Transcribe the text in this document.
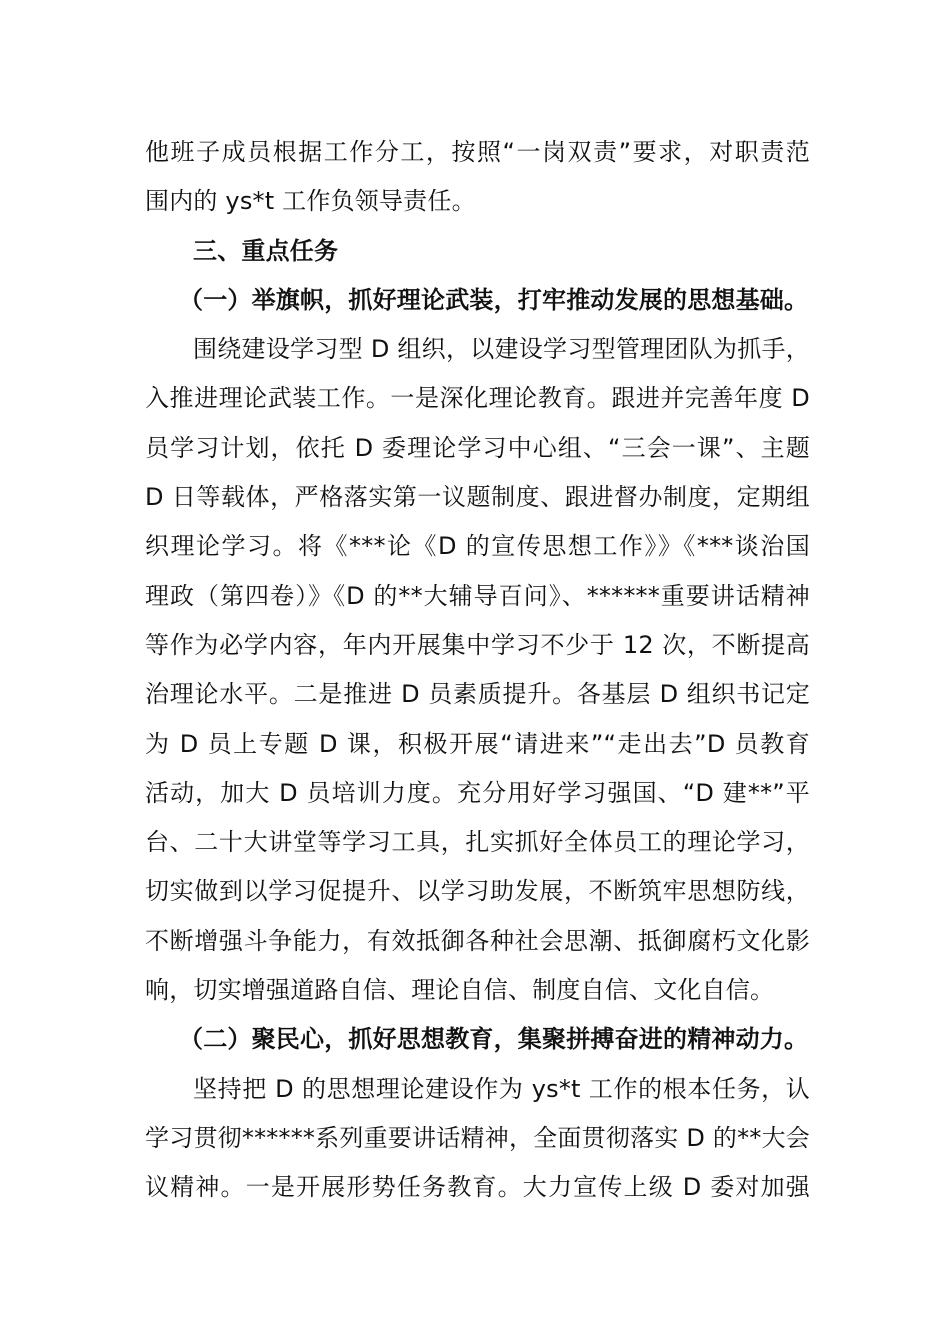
他班子成员根据工作分工，按照“一岗双责”要求，对职责范
围内的 ys*t 工作负领导责任。
三、重点任务
（一）举旗帜，抓好理论武装，打牢推动发展的思想基础。
围绕建设学习型 D 组织，以建设学习型管理团队为抓手，
入推进理论武装工作。一是深化理论教育。跟进并完善年度 D
员学习计划，依托 D 委理论学习中心组、“三会一课”、主题
D 日等载体，严格落实第一议题制度、跟进督办制度，定期组
织理论学习。将《***论《D 的宣传思想工作》》《***谈治国
理政（第四卷）》《D 的**大辅导百问》、******重要讲话精神
等作为必学内容，年内开展集中学习不少于 12 次，不断提高
治理论水平。二是推进 D 员素质提升。各基层 D 组织书记定
为 D 员上专题 D 课，积极开展“请进来”“走出去”D 员教育
活动，加大 D 员培训力度。充分用好学习强国、“D 建**”平
台、二十大讲堂等学习工具，扎实抓好全体员工的理论学习，
切实做到以学习促提升、以学习助发展，不断筑牢思想防线，
不断增强斗争能力，有效抵御各种社会思潮、抵御腐朽文化影
响，切实增强道路自信、理论自信、制度自信、文化自信。
（二）聚民心，抓好思想教育，集聚拼搏奋进的精神动力。
坚持把 D 的思想理论建设作为 ys*t 工作的根本任务，认
学习贯彻******系列重要讲话精神，全面贯彻落实 D 的**大会
议精神。一是开展形势任务教育。大力宣传上级 D 委对加强
